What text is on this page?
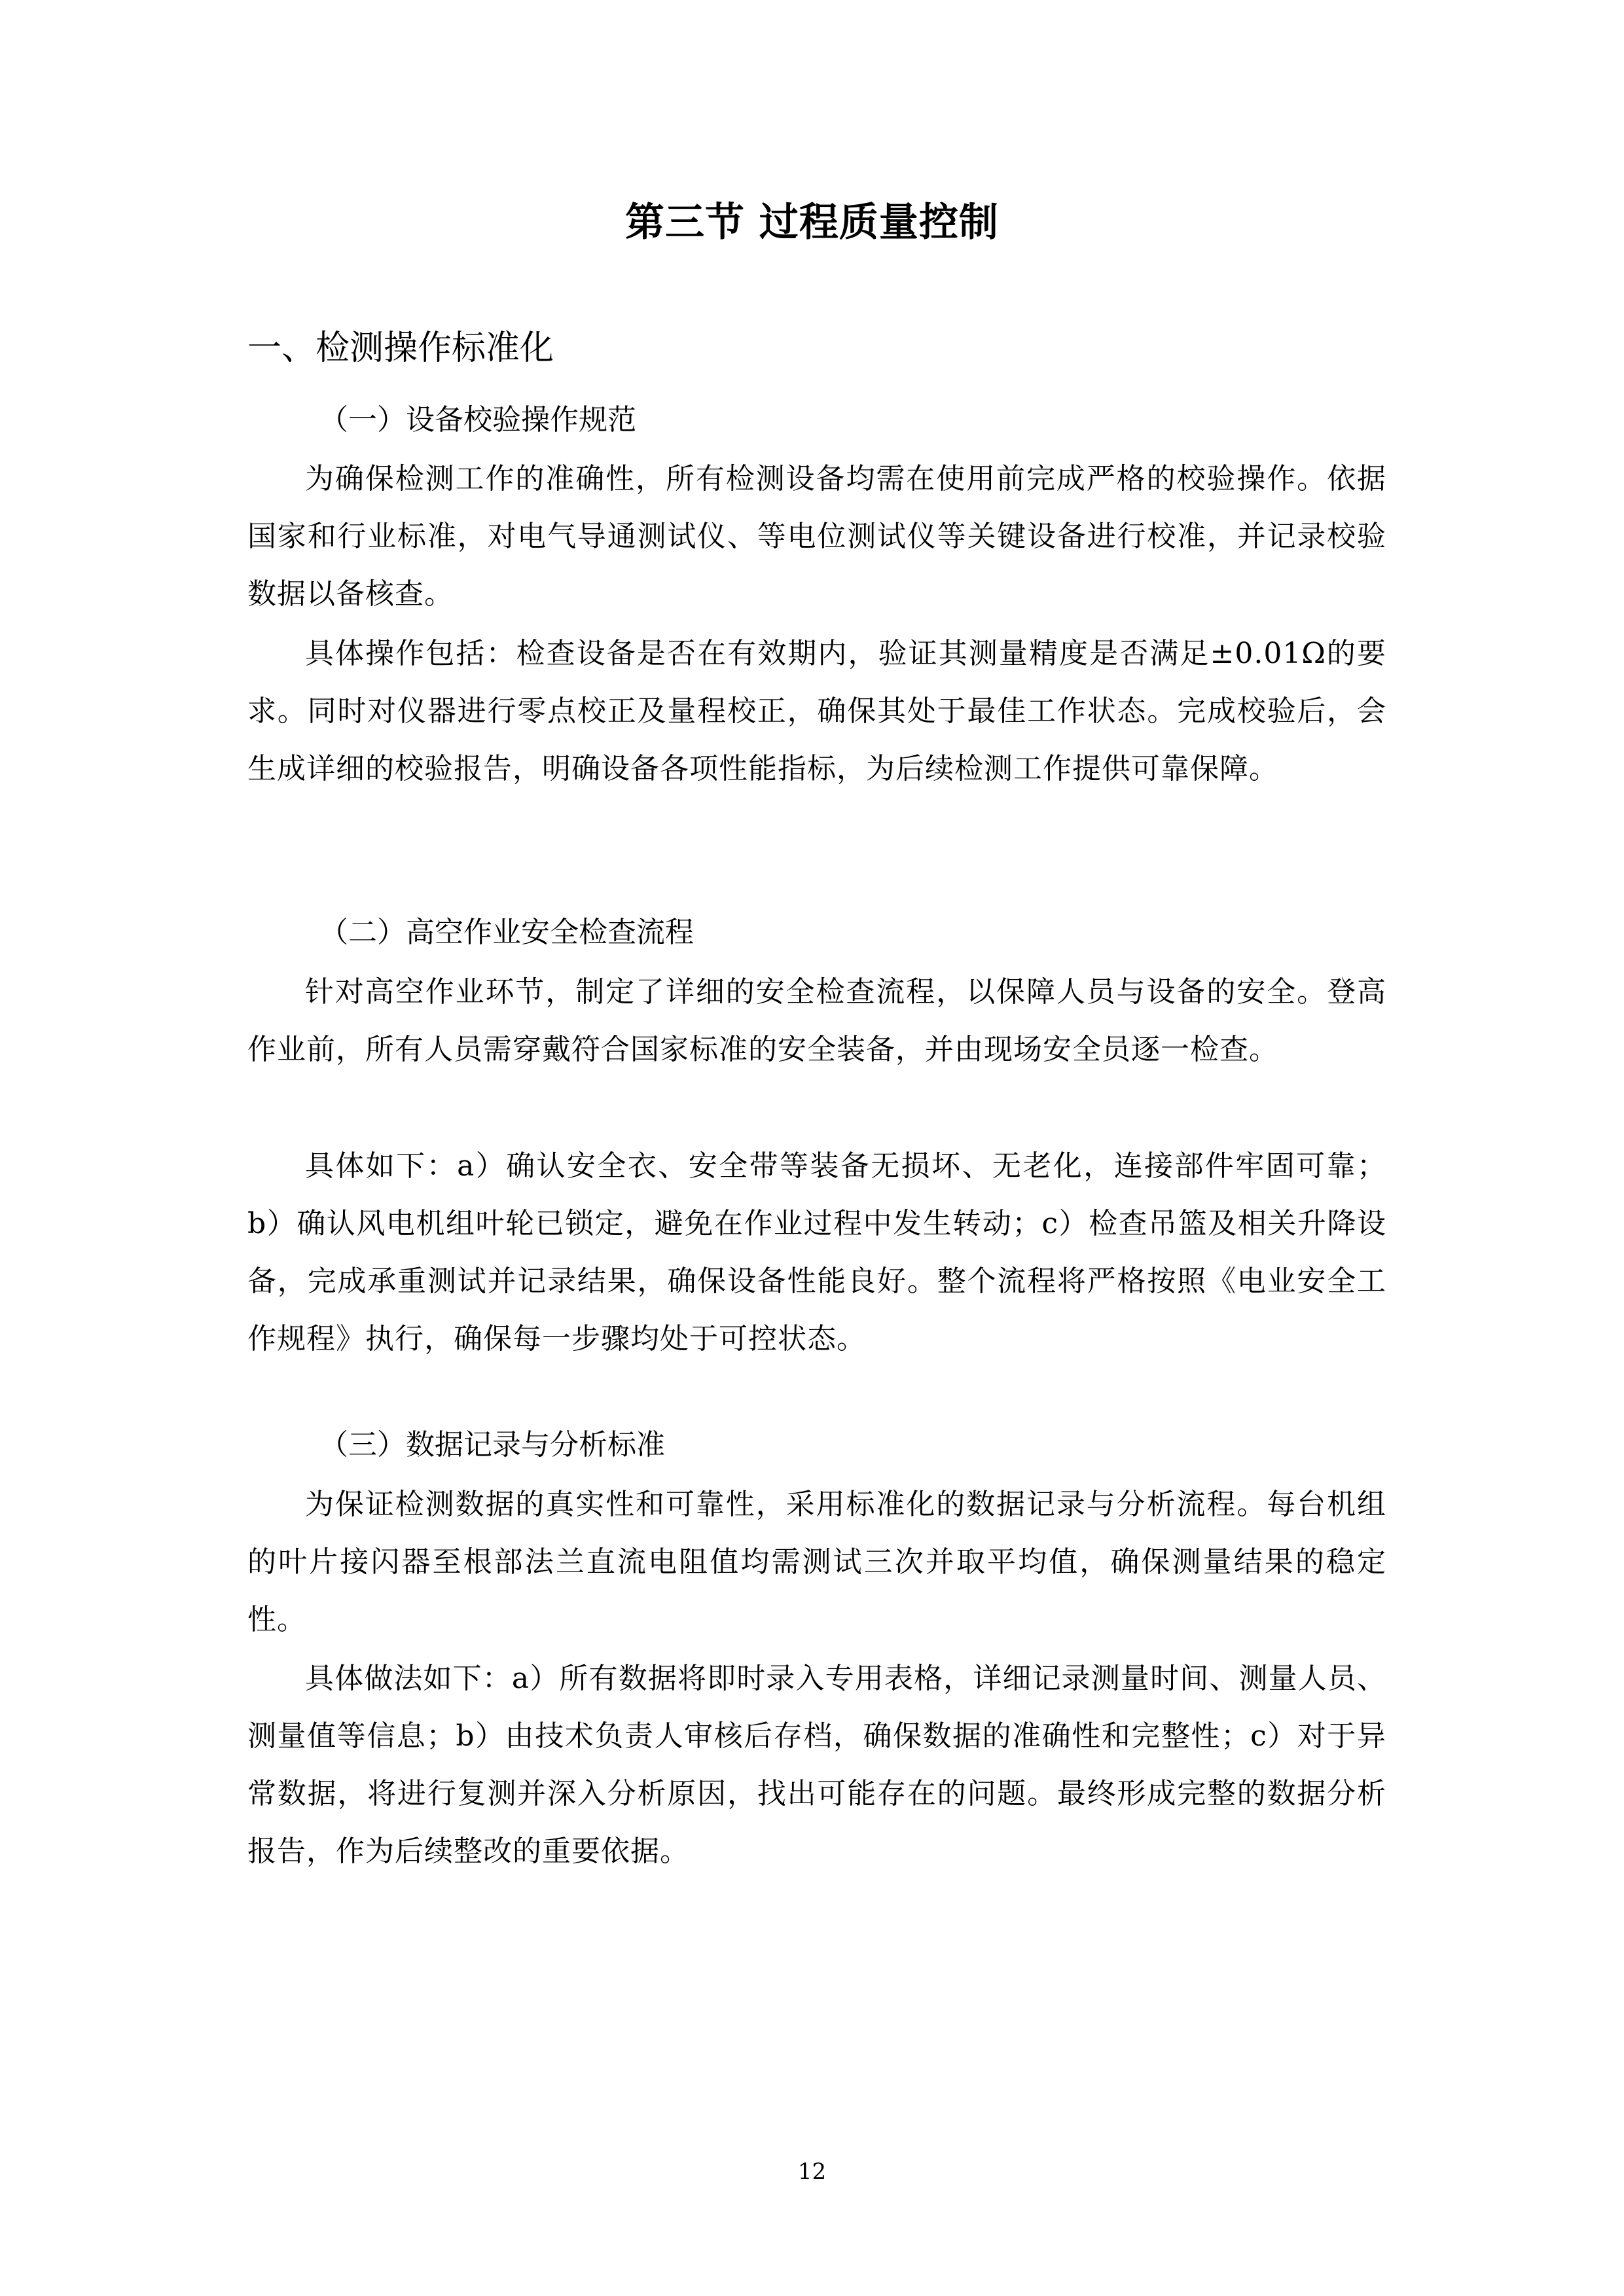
第三节 过程质量控制
一、检测操作标准化
（一）设备校验操作规范

为确保检测工作的准确性，所有检测设备均需在使用前完成严格的校验操作。依据国家和行业标准，对电气导通测试仪、等电位测试仪等关键设备进行校准，并记录校验数据以备核查。

具体操作包括：检查设备是否在有效期内，验证其测量精度是否满足±0.01Ω的要求。同时对仪器进行零点校正及量程校正，确保其处于最佳工作状态。完成校验后，会生成详细的校验报告，明确设备各项性能指标，为后续检测工作提供可靠保障。

（二）高空作业安全检查流程

针对高空作业环节，制定了详细的安全检查流程，以保障人员与设备的安全。登高作业前，所有人员需穿戴符合国家标准的安全装备，并由现场安全员逐一检查。

具体如下：a）确认安全衣、安全带等装备无损坏、无老化，连接部件牢固可靠；b）确认风电机组叶轮已锁定，避免在作业过程中发生转动；c）检查吊篮及相关升降设备，完成承重测试并记录结果，确保设备性能良好。整个流程将严格按照《电业安全工作规程》执行，确保每一步骤均处于可控状态。

（三）数据记录与分析标准

为保证检测数据的真实性和可靠性，采用标准化的数据记录与分析流程。每台机组的叶片接闪器至根部法兰直流电阻值均需测试三次并取平均值，确保测量结果的稳定性。

具体做法如下：a）所有数据将即时录入专用表格，详细记录测量时间、测量人员、测量值等信息；b）由技术负责人审核后存档，确保数据的准确性和完整性；c）对于异常数据，将进行复测并深入分析原因，找出可能存在的问题。最终形成完整的数据分析报告，作为后续整改的重要依据。

12
